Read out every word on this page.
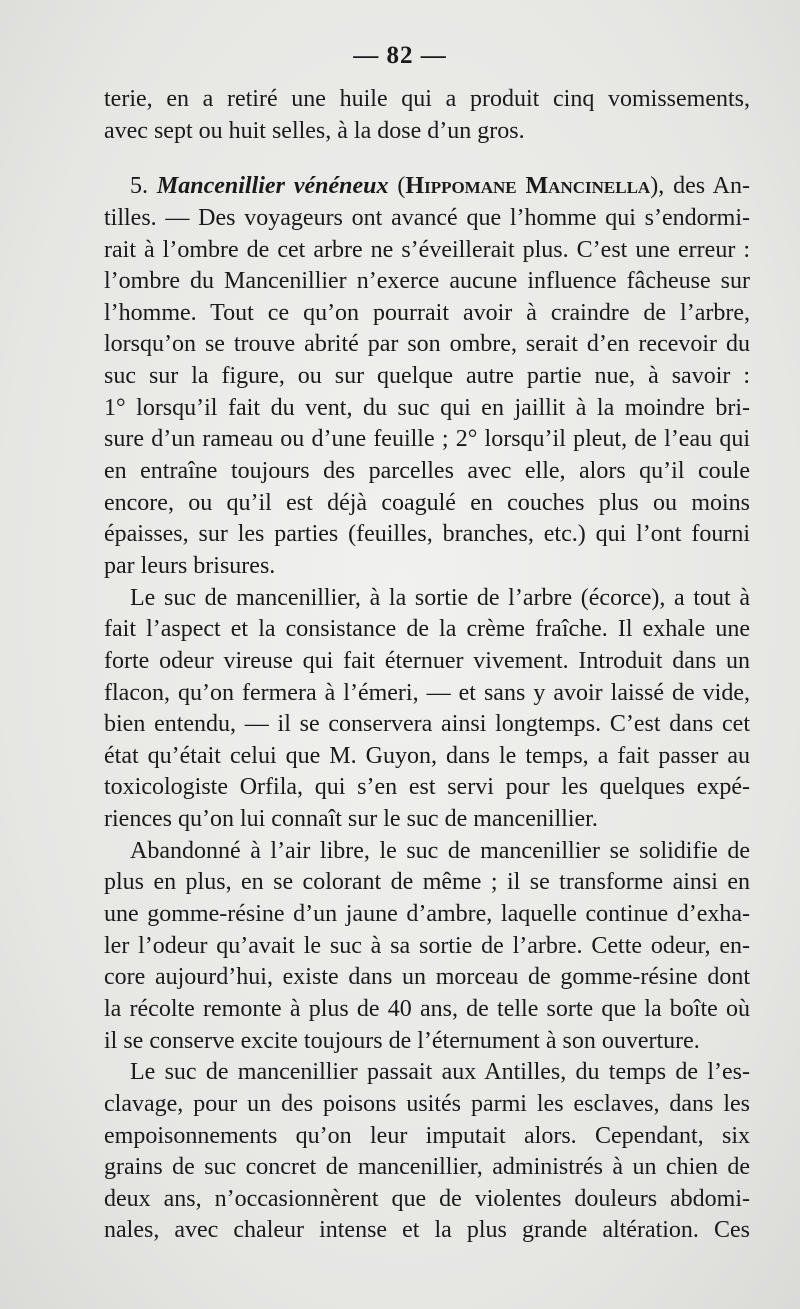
— 82 —
terie, en a retiré une huile qui a produit cinq vomissements,
avec sept ou huit selles, à la dose d’un gros.
5. Mancenillier vénéneux (Hippomane Mancinella), des An-
tilles. — Des voyageurs ont avancé que l’homme qui s’endormi-
rait à l’ombre de cet arbre ne s’éveillerait plus. C’est une erreur :
l’ombre du Mancenillier n’exerce aucune influence fâcheuse sur
l’homme. Tout ce qu’on pourrait avoir à craindre de l’arbre,
lorsqu’on se trouve abrité par son ombre, serait d’en recevoir du
suc sur la figure, ou sur quelque autre partie nue, à savoir :
1° lorsqu’il fait du vent, du suc qui en jaillit à la moindre bri-
sure d’un rameau ou d’une feuille ; 2° lorsqu’il pleut, de l’eau qui
en entraîne toujours des parcelles avec elle, alors qu’il coule
encore, ou qu’il est déjà coagulé en couches plus ou moins
épaisses, sur les parties (feuilles, branches, etc.) qui l’ont fourni
par leurs brisures.
Le suc de mancenillier, à la sortie de l’arbre (écorce), a tout à
fait l’aspect et la consistance de la crème fraîche. Il exhale une
forte odeur vireuse qui fait éternuer vivement. Introduit dans un
flacon, qu’on fermera à l’émeri, — et sans y avoir laissé de vide,
bien entendu, — il se conservera ainsi longtemps. C’est dans cet
état qu’était celui que M. Guyon, dans le temps, a fait passer au
toxicologiste Orfila, qui s’en est servi pour les quelques expé-
riences qu’on lui connaît sur le suc de mancenillier.
Abandonné à l’air libre, le suc de mancenillier se solidifie de
plus en plus, en se colorant de même ; il se transforme ainsi en
une gomme-résine d’un jaune d’ambre, laquelle continue d’exha-
ler l’odeur qu’avait le suc à sa sortie de l’arbre. Cette odeur, en-
core aujourd’hui, existe dans un morceau de gomme-résine dont
la récolte remonte à plus de 40 ans, de telle sorte que la boîte où
il se conserve excite toujours de l’éternument à son ouverture.
Le suc de mancenillier passait aux Antilles, du temps de l’es-
clavage, pour un des poisons usités parmi les esclaves, dans les
empoisonnements qu’on leur imputait alors. Cependant, six
grains de suc concret de mancenillier, administrés à un chien de
deux ans, n’occasionnèrent que de violentes douleurs abdomi-
nales, avec chaleur intense et la plus grande altération. Ces
